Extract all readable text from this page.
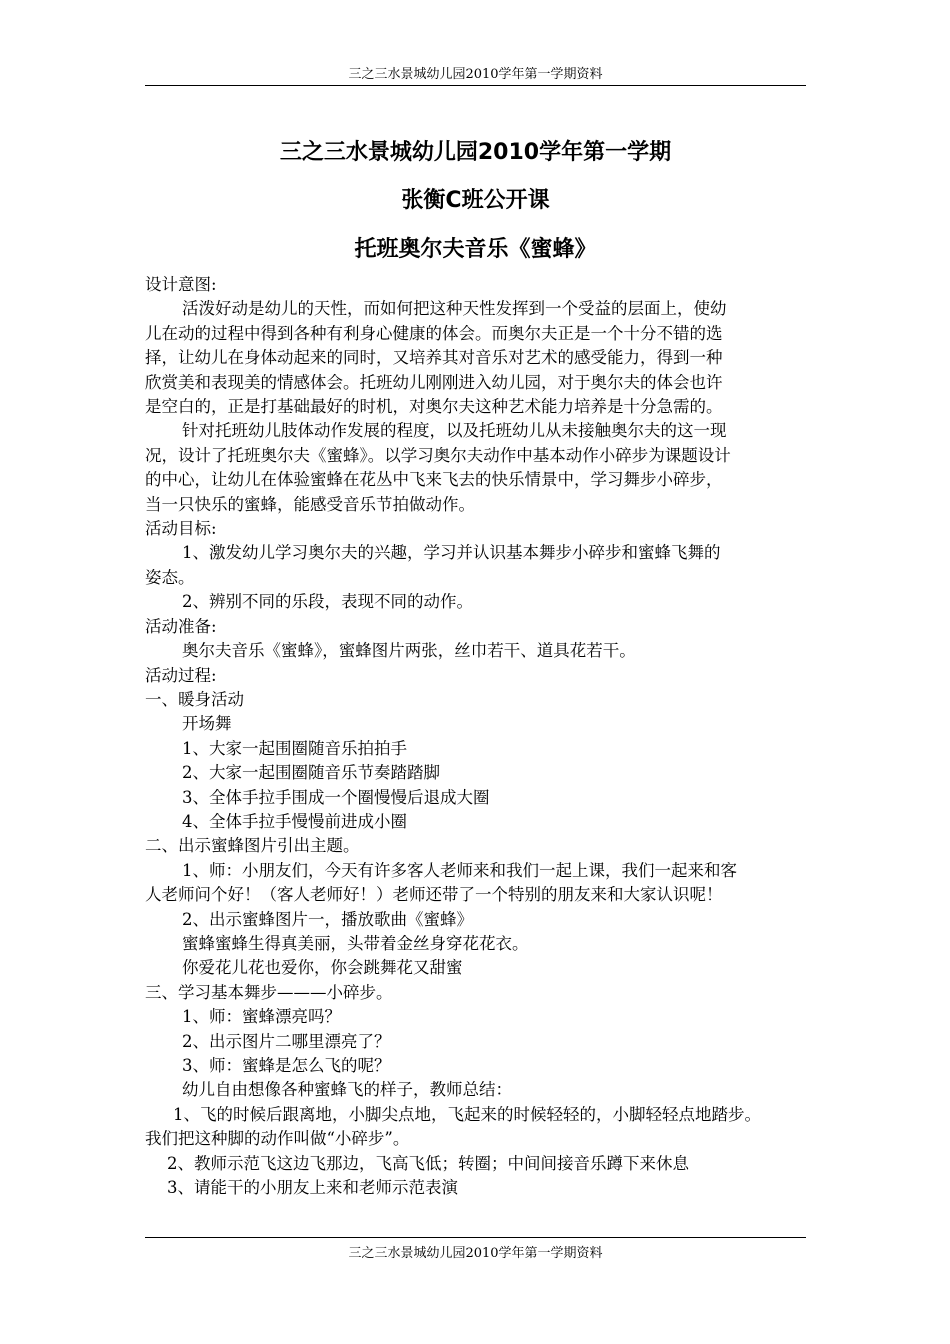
三之三水景城幼儿园2010学年第一学期资料
三之三水景城幼儿园2010学年第一学期
张衡C班公开课
托班奥尔夫音乐《蜜蜂》

设计意图:

活泼好动是幼儿的天性，而如何把这种天性发挥到一个受益的层面上，使幼

儿在动的过程中得到各种有利身心健康的体会。而奥尔夫正是一个十分不错的选

择，让幼儿在身体动起来的同时，又培养其对音乐对艺术的感受能力，得到一种

欣赏美和表现美的情感体会。托班幼儿刚刚进入幼儿园，对于奥尔夫的体会也许

是空白的，正是打基础最好的时机，对奥尔夫这种艺术能力培养是十分急需的。

针对托班幼儿肢体动作发展的程度，以及托班幼儿从未接触奥尔夫的这一现

况，设计了托班奥尔夫《蜜蜂》。以学习奥尔夫动作中基本动作小碎步为课题设计

的中心，让幼儿在体验蜜蜂在花丛中飞来飞去的快乐情景中，学习舞步小碎步，

当一只快乐的蜜蜂，能感受音乐节拍做动作。

活动目标:

1、激发幼儿学习奥尔夫的兴趣，学习并认识基本舞步小碎步和蜜蜂飞舞的

姿态。

2、辨别不同的乐段，表现不同的动作。

活动准备:

奥尔夫音乐《蜜蜂》，蜜蜂图片两张，丝巾若干、道具花若干。

活动过程:

一、暖身活动

开场舞

1、大家一起围圈随音乐拍拍手

2、大家一起围圈随音乐节奏踏踏脚

3、全体手拉手围成一个圈慢慢后退成大圈

4、全体手拉手慢慢前进成小圈

二、出示蜜蜂图片引出主题。

1、师：小朋友们，今天有许多客人老师来和我们一起上课，我们一起来和客

人老师问个好！（客人老师好！）老师还带了一个特别的朋友来和大家认识呢！

2、出示蜜蜂图片一，播放歌曲《蜜蜂》

蜜蜂蜜蜂生得真美丽，头带着金丝身穿花花衣。

你爱花儿花也爱你，你会跳舞花又甜蜜

三、学习基本舞步———小碎步。

1、师：蜜蜂漂亮吗？

2、出示图片二哪里漂亮了？

3、师：蜜蜂是怎么飞的呢？

幼儿自由想像各种蜜蜂飞的样子，教师总结：

1、飞的时候后跟离地，小脚尖点地，飞起来的时候轻轻的，小脚轻轻点地踏步。

我们把这种脚的动作叫做“小碎步”。

2、教师示范飞这边飞那边，飞高飞低；转圈；中间间接音乐蹲下来休息

3、请能干的小朋友上来和老师示范表演

三之三水景城幼儿园2010学年第一学期资料
